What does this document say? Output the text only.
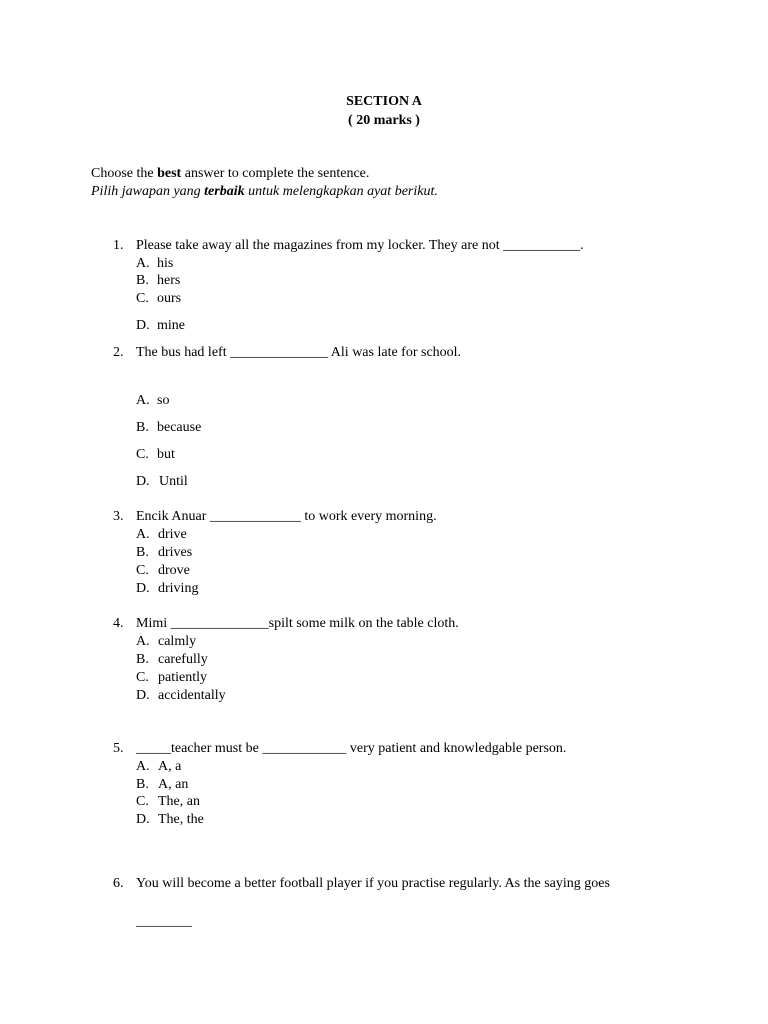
SECTION A
( 20 marks )
Choose the best answer to complete the sentence.
Pilih jawapan yang terbaik untuk melengkapkan ayat berikut.
1. Please take away all the magazines from my locker. They are not ___________.
A. his
B. hers
C. ours
D. mine
2. The bus had left ______________ Ali was late for school.
A. so
B. because
C. but
D. Until
3. Encik Anuar _____________ to work every morning.
A. drive
B. drives
C. drove
D. driving
4. Mimi ______________spilt some milk on the table cloth.
A. calmly
B. carefully
C. patiently
D. accidentally
5. _____teacher must be ____________ very patient and knowledgable person.
A. A, a
B. A, an
C. The, an
D. The, the
6. You will become a better football player if you practise regularly. As the saying goes
________
